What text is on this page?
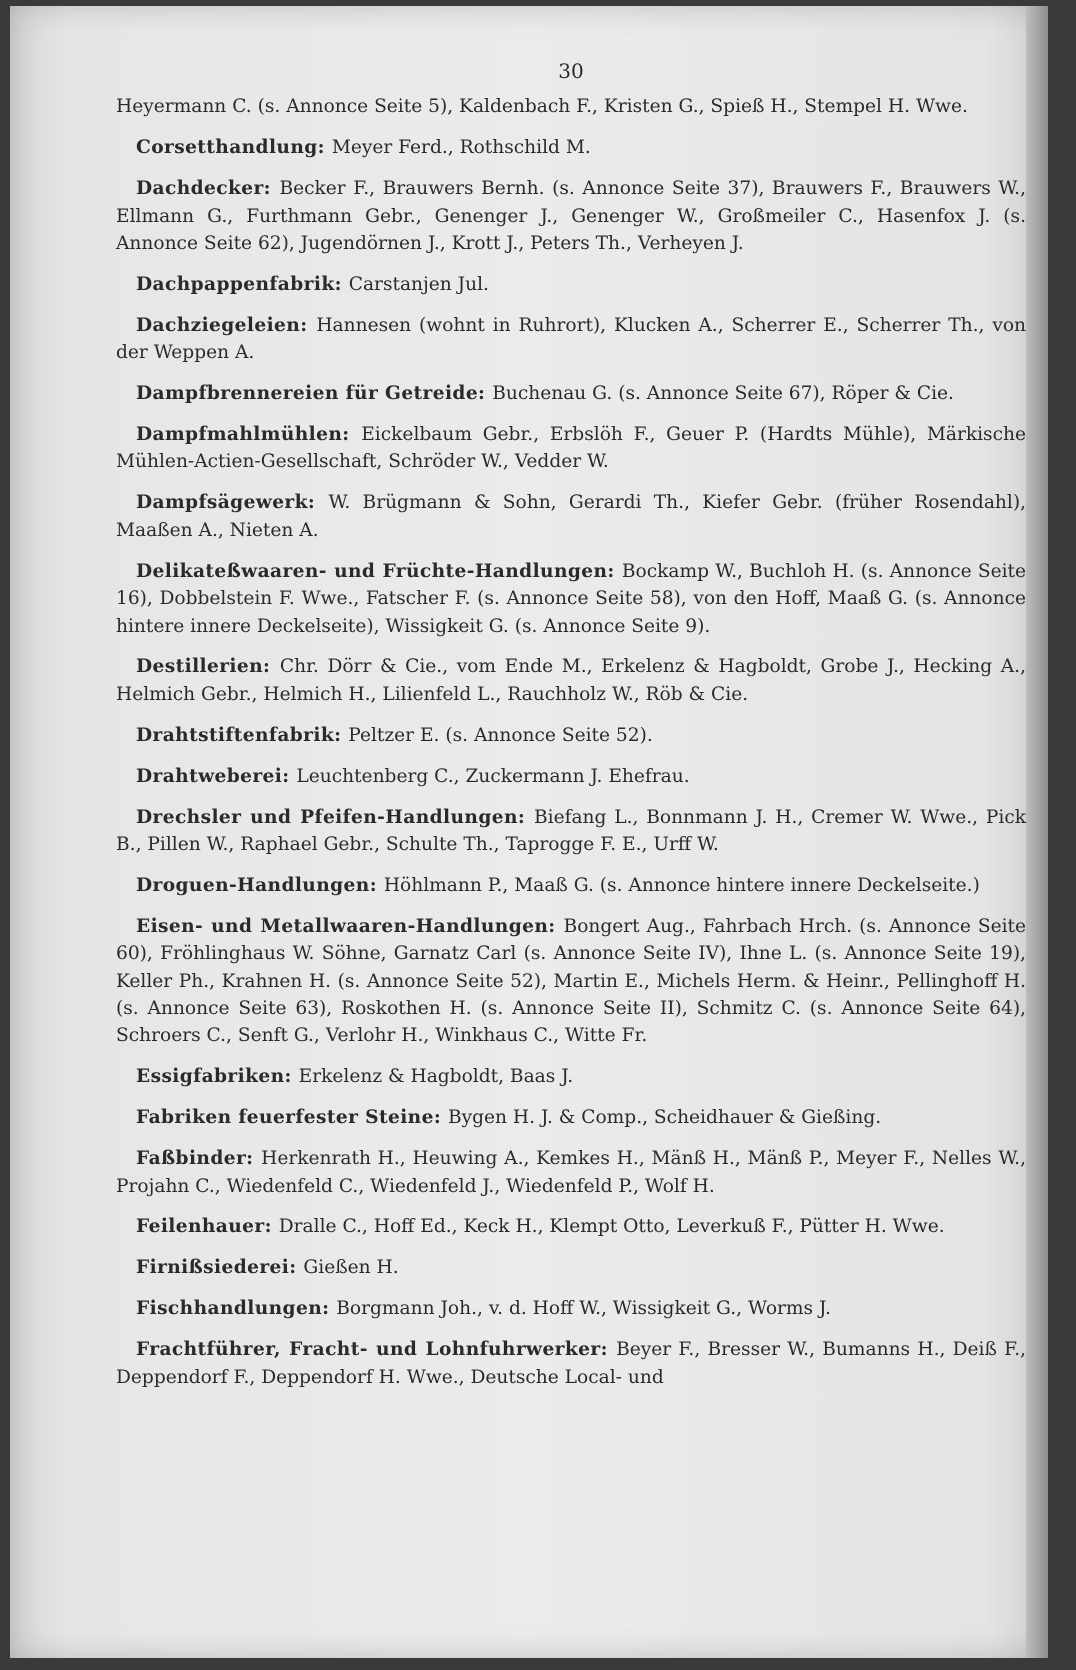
30

Heyermann C. (s. Annonce Seite 5), Kaldenbach F., Kristen G., Spieß H., Stempel H. Wwe.

Corsetthandlung: Meyer Ferd., Rothschild M.

Dachdecker: Becker F., Brauwers Bernh. (s. Annonce Seite 37), Brauwers F., Brauwers W., Ellmann G., Furthmann Gebr., Genenger J., Genenger W., Großmeiler C., Hasenfox J. (s. Annonce Seite 62), Jugendörnen J., Krott J., Peters Th., Verheyen J.

Dachpappenfabrik: Carstanjen Jul.

Dachziegeleien: Hannesen (wohnt in Ruhrort), Klucken A., Scherrer E., Scherrer Th., von der Weppen A.

Dampfbrennereien für Getreide: Buchenau G. (s. Annonce Seite 67), Röper & Cie.

Dampfmahlmühlen: Eickelbaum Gebr., Erbslöh F., Geuer P. (Hardts Mühle), Märkische Mühlen-Actien-Gesellschaft, Schröder W., Vedder W.

Dampfsägewerk: W. Brügmann & Sohn, Gerardi Th., Kiefer Gebr. (früher Rosendahl), Maaßen A., Nieten A.

Delikateßwaaren- und Früchte-Handlungen: Bockamp W., Buchloh H. (s. Annonce Seite 16), Dobbelstein F. Wwe., Fatscher F. (s. Annonce Seite 58), von den Hoff, Maaß G. (s. Annonce hintere innere Deckelseite), Wissigkeit G. (s. Annonce Seite 9).

Destillerien: Chr. Dörr & Cie., vom Ende M., Erkelenz & Hagboldt, Grobe J., Hecking A., Helmich Gebr., Helmich H., Lilienfeld L., Rauchholz W., Röb & Cie.

Drahtstiftenfabrik: Peltzer E. (s. Annonce Seite 52).

Drahtweberei: Leuchtenberg C., Zuckermann J. Ehefrau.

Drechsler und Pfeifen-Handlungen: Biefang L., Bonnmann J. H., Cremer W. Wwe., Pick B., Pillen W., Raphael Gebr., Schulte Th., Taprogge F. E., Urff W.

Droguen-Handlungen: Höhlmann P., Maaß G. (s. Annonce hintere innere Deckelseite.)

Eisen- und Metallwaaren-Handlungen: Bongert Aug., Fahrbach Hrch. (s. Annonce Seite 60), Fröhlinghaus W. Söhne, Garnatz Carl (s. Annonce Seite IV), Ihne L. (s. Annonce Seite 19), Keller Ph., Krahnen H. (s. Annonce Seite 52), Martin E., Michels Herm. & Heinr., Pellinghoff H. (s. Annonce Seite 63), Roskothen H. (s. Annonce Seite II), Schmitz C. (s. Annonce Seite 64), Schroers C., Senft G., Verlohr H., Winkhaus C., Witte Fr.

Essigfabriken: Erkelenz & Hagboldt, Baas J.

Fabriken feuerfester Steine: Bygen H. J. & Comp., Scheidhauer & Gießing.

Faßbinder: Herkenrath H., Heuwing A., Kemkes H., Mänß H., Mänß P., Meyer F., Nelles W., Projahn C., Wiedenfeld C., Wiedenfeld J., Wiedenfeld P., Wolf H.

Feilenhauer: Dralle C., Hoff Ed., Keck H., Klempt Otto, Leverkuß F., Pütter H. Wwe.

Firnißsiederei: Gießen H.

Fischhandlungen: Borgmann Joh., v. d. Hoff W., Wissigkeit G., Worms J.

Frachtführer, Fracht- und Lohnfuhrwerker: Beyer F., Bresser W., Bumanns H., Deiß F., Deppendorf F., Deppendorf H. Wwe., Deutsche Local- und
